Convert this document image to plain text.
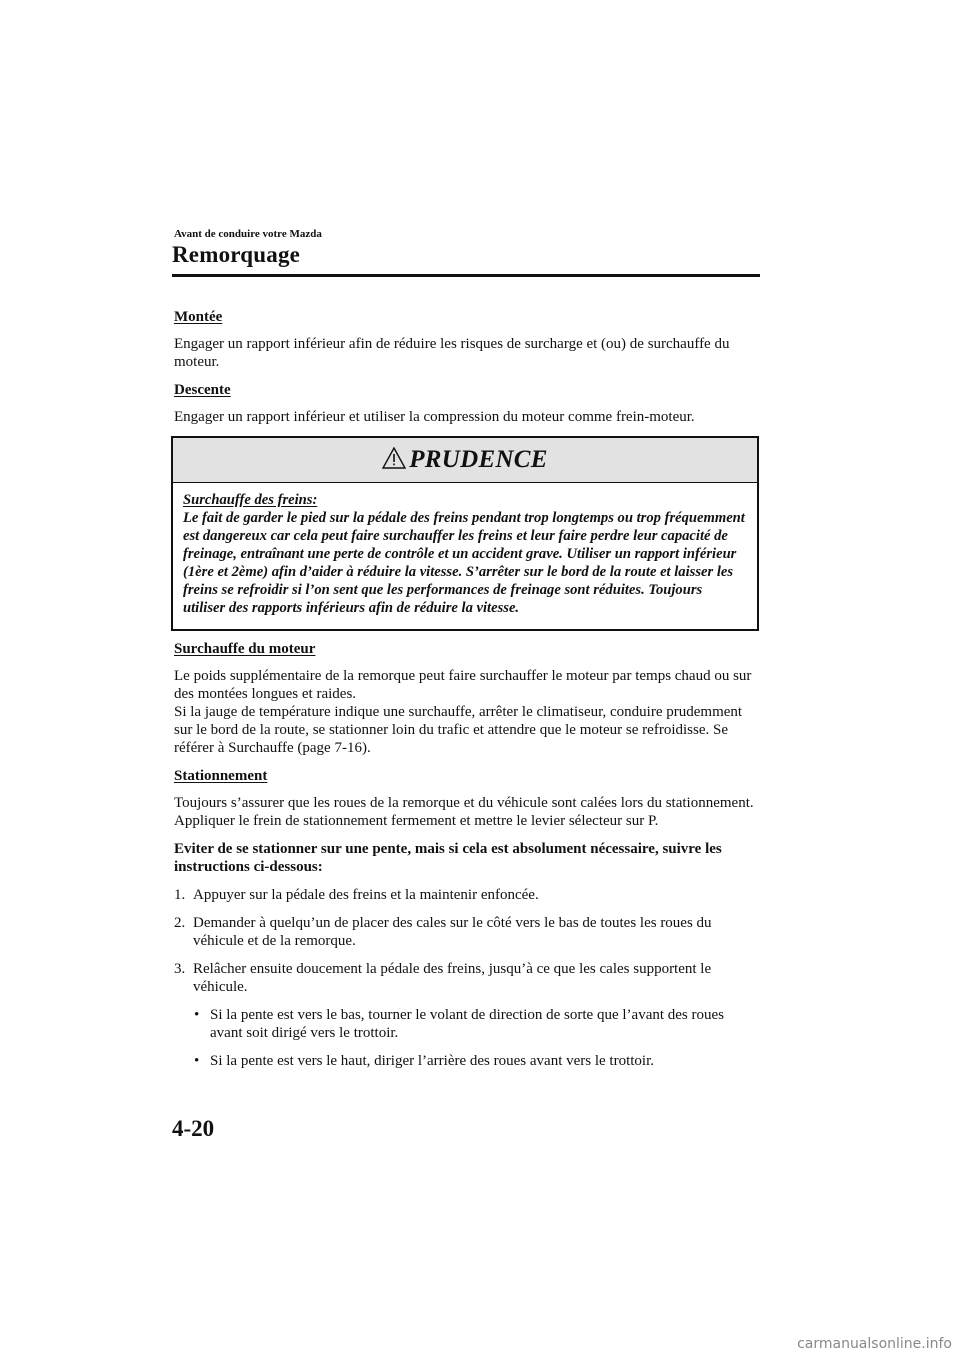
Avant de conduire votre Mazda
Remorquage

Montée

Engager un rapport inférieur afin de réduire les risques de surcharge et (ou) de surchauffe du moteur.

Descente

Engager un rapport inférieur et utiliser la compression du moteur comme frein-moteur.

PRUDENCE
Surchauffe des freins:
Le fait de garder le pied sur la pédale des freins pendant trop longtemps ou trop fréquemment est dangereux car cela peut faire surchauffer les freins et leur faire perdre leur capacité de freinage, entraînant une perte de contrôle et un accident grave. Utiliser un rapport inférieur (1ère et 2ème) afin d’aider à réduire la vitesse. S’arrêter sur le bord de la route et laisser les freins se refroidir si l’on sent que les performances de freinage sont réduites. Toujours utiliser des rapports inférieurs afin de réduire la vitesse.

Surchauffe du moteur

Le poids supplémentaire de la remorque peut faire surchauffer le moteur par temps chaud ou sur des montées longues et raides.

Si la jauge de température indique une surchauffe, arrêter le climatiseur, conduire prudemment sur le bord de la route, se stationner loin du trafic et attendre que le moteur se refroidisse. Se référer à Surchauffe (page 7-16).

Stationnement

Toujours s’assurer que les roues de la remorque et du véhicule sont calées lors du stationnement.

Appliquer le frein de stationnement fermement et mettre le levier sélecteur sur P.

Eviter de se stationner sur une pente, mais si cela est absolument nécessaire, suivre les instructions ci-dessous:

1. Appuyer sur la pédale des freins et la maintenir enfoncée.
2. Demander à quelqu’un de placer des cales sur le côté vers le bas de toutes les roues du véhicule et de la remorque.
3. Relâcher ensuite doucement la pédale des freins, jusqu’à ce que les cales supportent le véhicule.
• Si la pente est vers le bas, tourner le volant de direction de sorte que l’avant des roues avant soit dirigé vers le trottoir.
• Si la pente est vers le haut, diriger l’arrière des roues avant vers le trottoir.
4-20
carmanualsonline.info
